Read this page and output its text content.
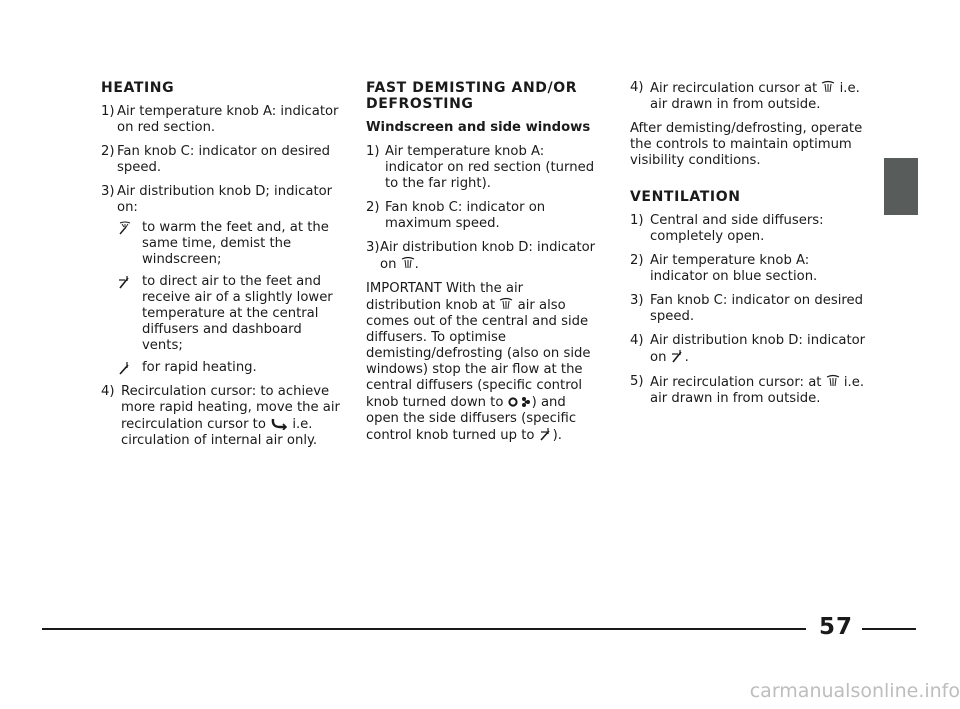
HEATING
1) Air temperature knob A: indicator on red section.
2) Fan knob C: indicator on desired speed.
3) Air distribution knob D; indicator on:
to warm the feet and, at the same time, demist the windscreen;
to direct air to the feet and receive air of a slightly lower temperature at the central diffusers and dashboard vents;
for rapid heating.
4) Recirculation cursor: to achieve more rapid heating, move the air recirculation cursor to i.e. circulation of internal air only.
FAST DEMISTING AND/OR DEFROSTING
Windscreen and side windows
1) Air temperature knob A: indicator on red section (turned to the far right).
2) Fan knob C: indicator on maximum speed.
3) Air distribution knob D: indicator on .

IMPORTANT With the air distribution knob at air also comes out of the central and side diffusers. To optimise demisting/defrosting (also on side windows) stop the air flow at the central diffusers (specific control knob turned down to ) and open the side diffusers (specific control knob turned up to ).

4) Air recirculation cursor at i.e. air drawn in from outside.

After demisting/defrosting, operate the controls to maintain optimum visibility conditions.

VENTILATION
1) Central and side diffusers: completely open.
2) Air temperature knob A: indicator on blue section.
3) Fan knob C: indicator on desired speed.
4) Air distribution knob D: indicator on .
5) Air recirculation cursor: at i.e. air drawn in from outside.
57
carmanualsonline.info
